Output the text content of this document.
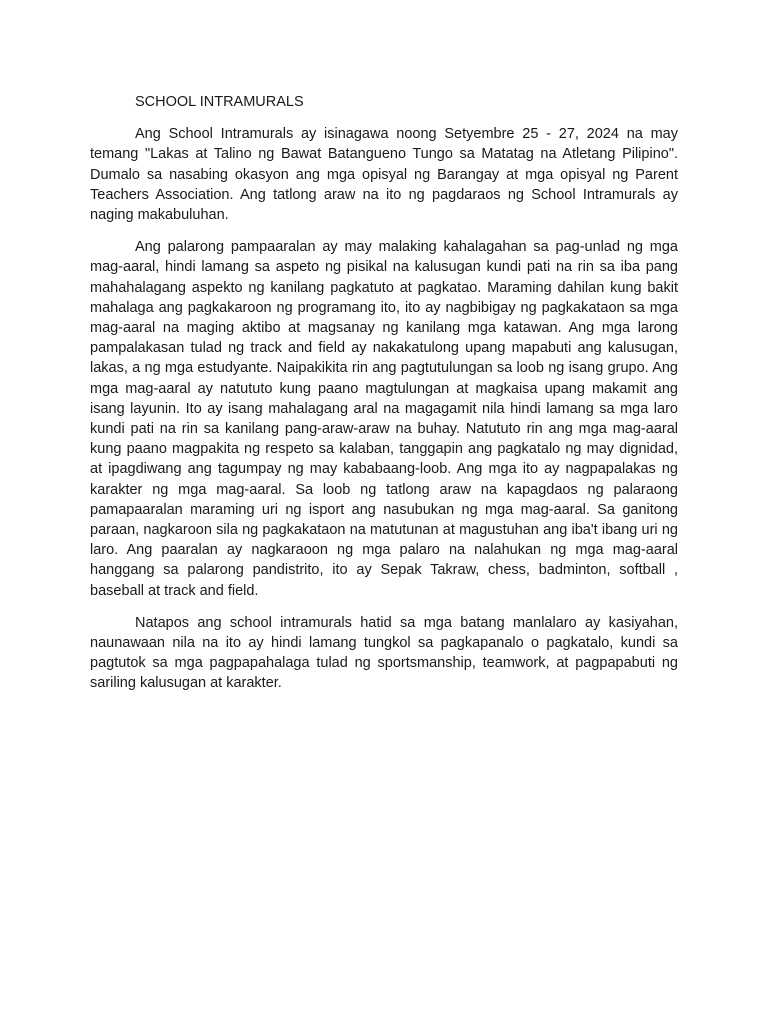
SCHOOL INTRAMURALS

Ang School Intramurals ay isinagawa noong Setyembre 25 - 27, 2024 na may temang "Lakas at Talino ng Bawat Batangueno Tungo sa Matatag na Atletang Pilipino". Dumalo sa nasabing okasyon ang mga opisyal ng Barangay at mga opisyal ng Parent Teachers Association. Ang tatlong araw na ito ng pagdaraos ng School Intramurals ay naging makabuluhan.

Ang palarong pampaaralan ay may malaking kahalagahan sa pag-unlad ng mga mag-aaral, hindi lamang sa aspeto ng pisikal na kalusugan kundi pati na rin sa iba pang mahahalagang aspekto ng kanilang pagkatuto at pagkatao. Maraming dahilan kung bakit mahalaga ang pagkakaroon ng programang ito, ito ay nagbibigay ng pagkakataon sa mga mag-aaral na maging aktibo at magsanay ng kanilang mga katawan. Ang mga larong pampalakasan tulad ng track and field ay nakakatulong upang mapabuti ang kalusugan, lakas, a ng mga estudyante. Naipakikita rin ang pagtutulungan sa loob ng isang grupo. Ang mga mag-aaral ay natututo kung paano magtulungan at magkaisa upang makamit ang isang layunin. Ito ay isang mahalagang aral na magagamit nila hindi lamang sa mga laro kundi pati na rin sa kanilang pang-araw-araw na buhay. Natututo rin ang mga mag-aaral kung paano magpakita ng respeto sa kalaban, tanggapin ang pagkatalo ng may dignidad, at ipagdiwang ang tagumpay ng may kababaang-loob. Ang mga ito ay nagpapalakas ng karakter ng mga mag-aaral. Sa loob ng tatlong araw na kapagdaos ng palaraong pamapaaralan maraming uri ng isport ang nasubukan ng mga mag-aaral. Sa ganitong paraan, nagkaroon sila ng pagkakataon na matutunan at magustuhan ang iba't ibang uri ng laro. Ang paaralan ay nagkaraoon ng mga palaro na nalahukan ng mga mag-aaral hanggang sa palarong pandistrito, ito ay Sepak Takraw, chess, badminton, softball , baseball at track and field.

Natapos ang school intramurals hatid sa mga batang manlalaro ay kasiyahan, naunawaan nila na ito ay hindi lamang tungkol sa pagkapanalo o pagkatalo, kundi sa pagtutok sa mga pagpapahalaga tulad ng sportsmanship, teamwork, at pagpapabuti ng sariling kalusugan at karakter.
